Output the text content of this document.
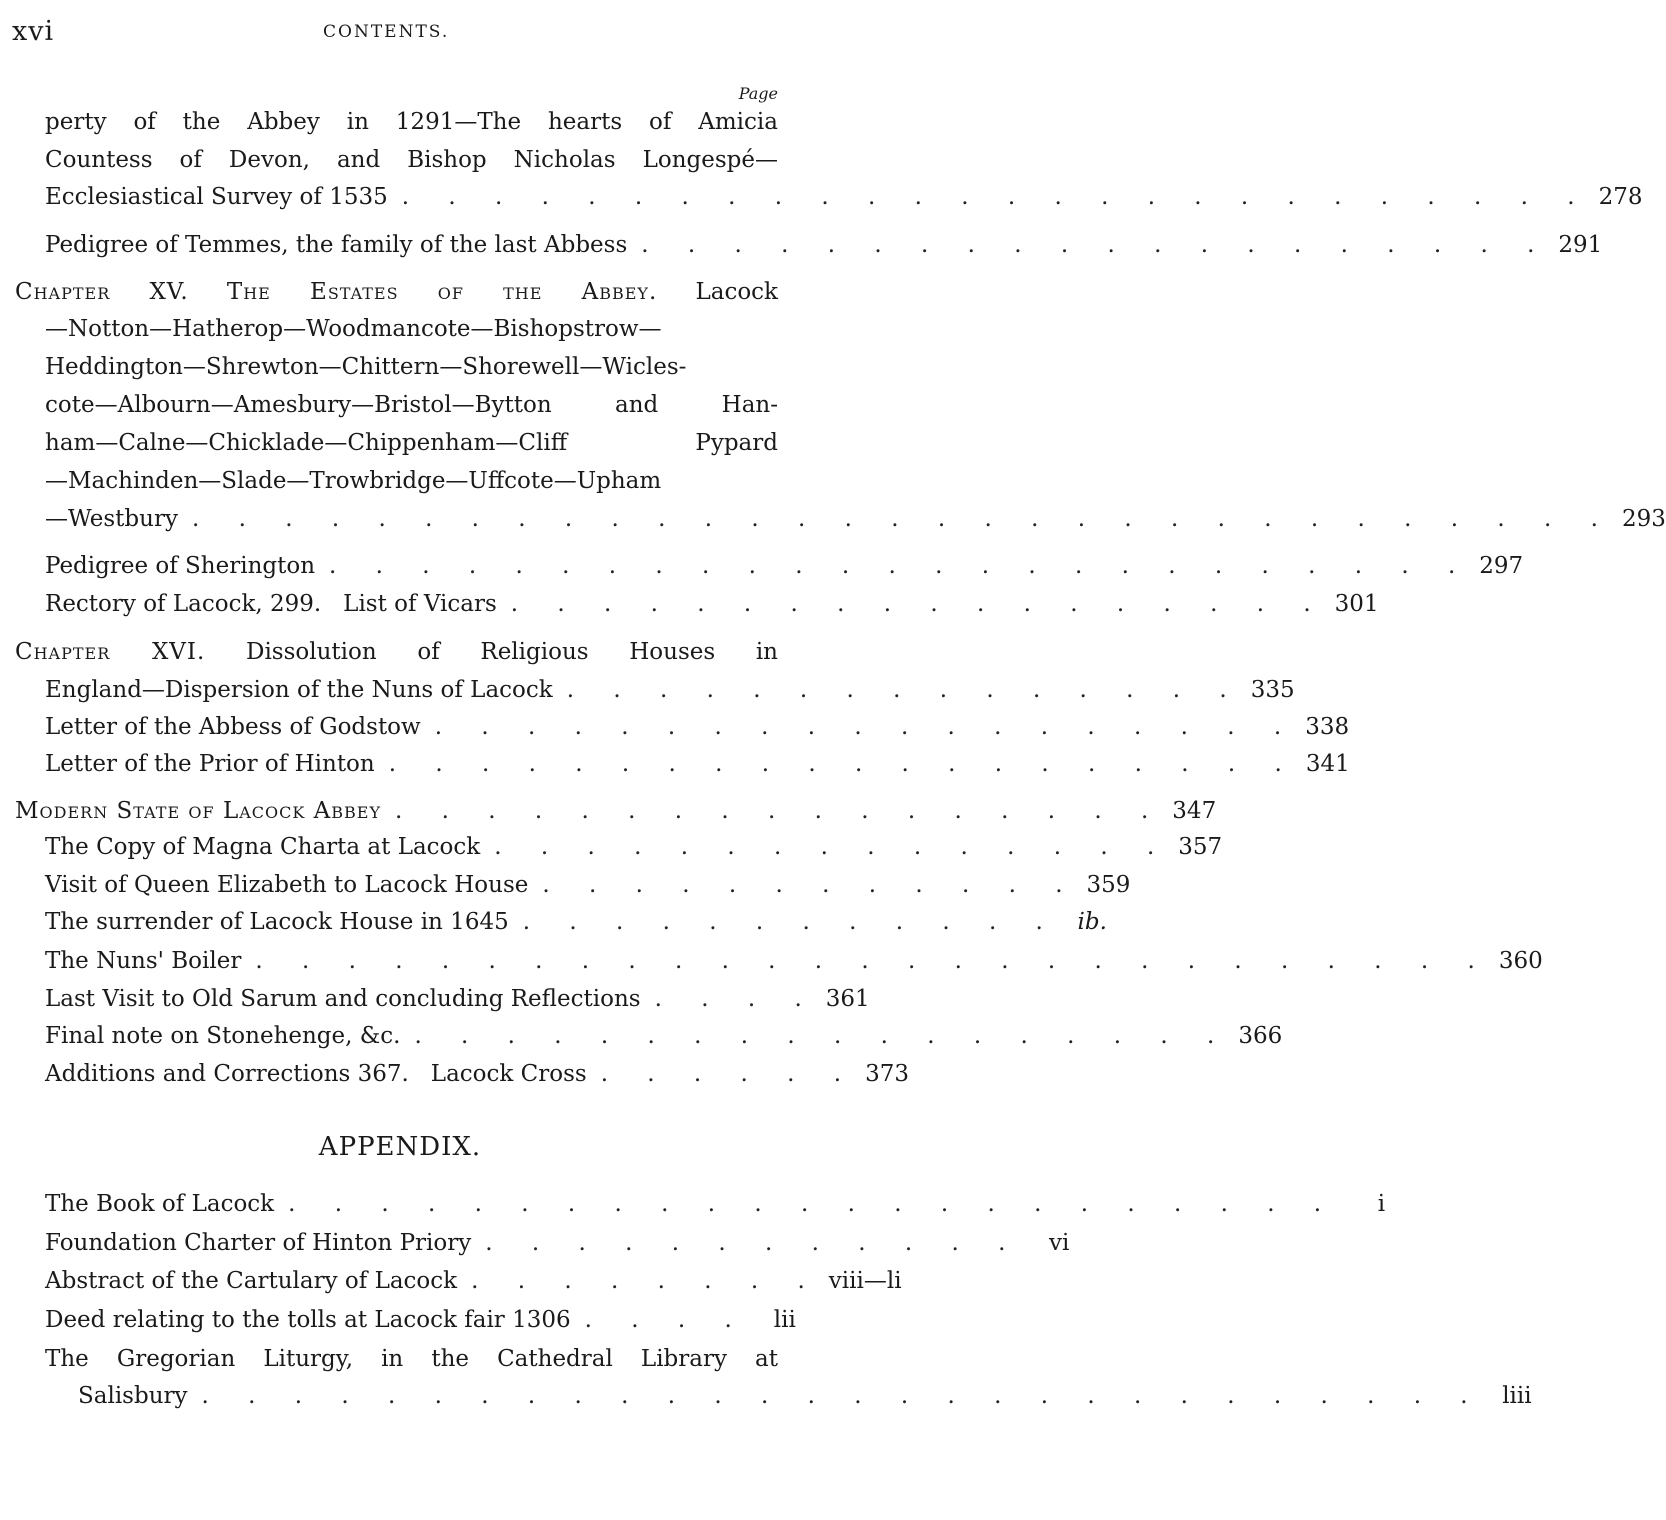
xvi	CONTENTS.
Page
perty of the Abbey in 1291—The hearts of Amicia
Countess of Devon, and Bishop Nicholas Longespé—
Ecclesiastical Survey of 1535 . . . . . . . . . . . . . . . . . . . . . . . . . . 278
Pedigree of Temmes, the family of the last Abbess . . . . . . . . . . . . . . . . . . . . 291
Chapter XV. The Estates of the Abbey. Lacock
—Notton—Hatherop—Woodmancote—Bishopstrow—
Heddington—Shrewton—Chittern—Shorewell—Wicles-
cote—Albourn—Amesbury—Bristol—Bytton and Han-
ham—Calne—Chicklade—Chippenham—Cliff Pypard
—Machinden—Slade—Trowbridge—Uffcote—Upham
—Westbury . . . . . . . . . . . . . . . . . . . . . . . . . . . . . . . 293
Pedigree of Sherington . . . . . . . . . . . . . . . . . . . . . . . . . 297
Rectory of Lacock, 299.   List of Vicars . . . . . . . . . . . . . . . . . . 301
Chapter XVI. Dissolution of Religious Houses in
England—Dispersion of the Nuns of Lacock . . . . . . . . . . . . . . . 335
Letter of the Abbess of Godstow . . . . . . . . . . . . . . . . . . . 338
Letter of the Prior of Hinton . . . . . . . . . . . . . . . . . . . . 341
Modern State of Lacock Abbey . . . . . . . . . . . . . . . . . 347
The Copy of Magna Charta at Lacock . . . . . . . . . . . . . . . 357
Visit of Queen Elizabeth to Lacock House . . . . . . . . . . . . 359
The surrender of Lacock House in 1645 . . . . . . . . . . . . ib.
The Nuns' Boiler . . . . . . . . . . . . . . . . . . . . . . . . . . . 360
Last Visit to Old Sarum and concluding Reflections . . . . 361
Final note on Stonehenge, &c. . . . . . . . . . . . . . . . . . . 366
Additions and Corrections 367.   Lacock Cross . . . . . . 373
APPENDIX.
The Book of Lacock . . . . . . . . . . . . . . . . . . . . . . .	i
Foundation Charter of Hinton Priory . . . . . . . . . . . .	vi
Abstract of the Cartulary of Lacock . . . . . . . . viii—li
Deed relating to the tolls at Lacock fair 1306 . . . .	lii
The Gregorian Liturgy, in the Cathedral Library at
Salisbury . . . . . . . . . . . . . . . . . . . . . . . . . . . . liii
